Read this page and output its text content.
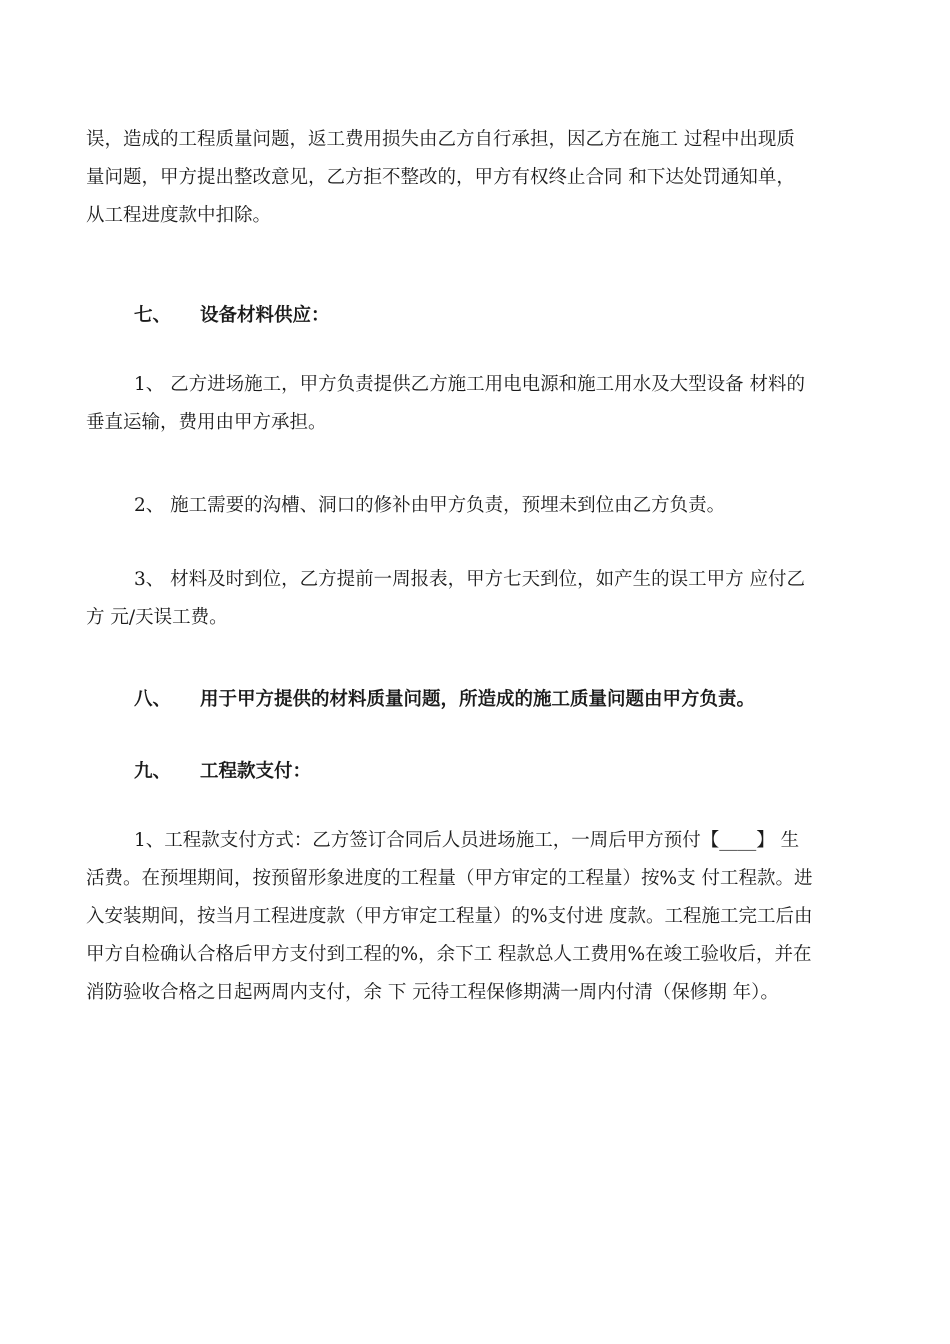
误，造成的工程质量问题，返工费用损失由乙方自行承担，因乙方在施工 过程中出现质
量问题，甲方提出整改意见，乙方拒不整改的，甲方有权终止合同 和下达处罚通知单，
从工程进度款中扣除。

七、 设备材料供应：

1、 乙方进场施工，甲方负责提供乙方施工用电电源和施工用水及大型设备 材料的
垂直运输，费用由甲方承担。

2、 施工需要的沟槽、洞口的修补由甲方负责，预埋未到位由乙方负责。

3、 材料及时到位，乙方提前一周报表，甲方七天到位，如产生的误工甲方 应付乙
方 元/天误工费。

八、 用于甲方提供的材料质量问题，所造成的施工质量问题由甲方负责。

九、 工程款支付：

1、工程款支付方式：乙方签订合同后人员进场施工，一周后甲方预付【____】 生
活费。在预埋期间，按预留形象进度的工程量（甲方审定的工程量）按%支 付工程款。进
入安装期间，按当月工程进度款（甲方审定工程量）的%支付进 度款。工程施工完工后由
甲方自检确认合格后甲方支付到工程的%，余下工 程款总人工费用%在竣工验收后，并在
消防验收合格之日起两周内支付，余 下 元待工程保修期满一周内付清（保修期 年）。
